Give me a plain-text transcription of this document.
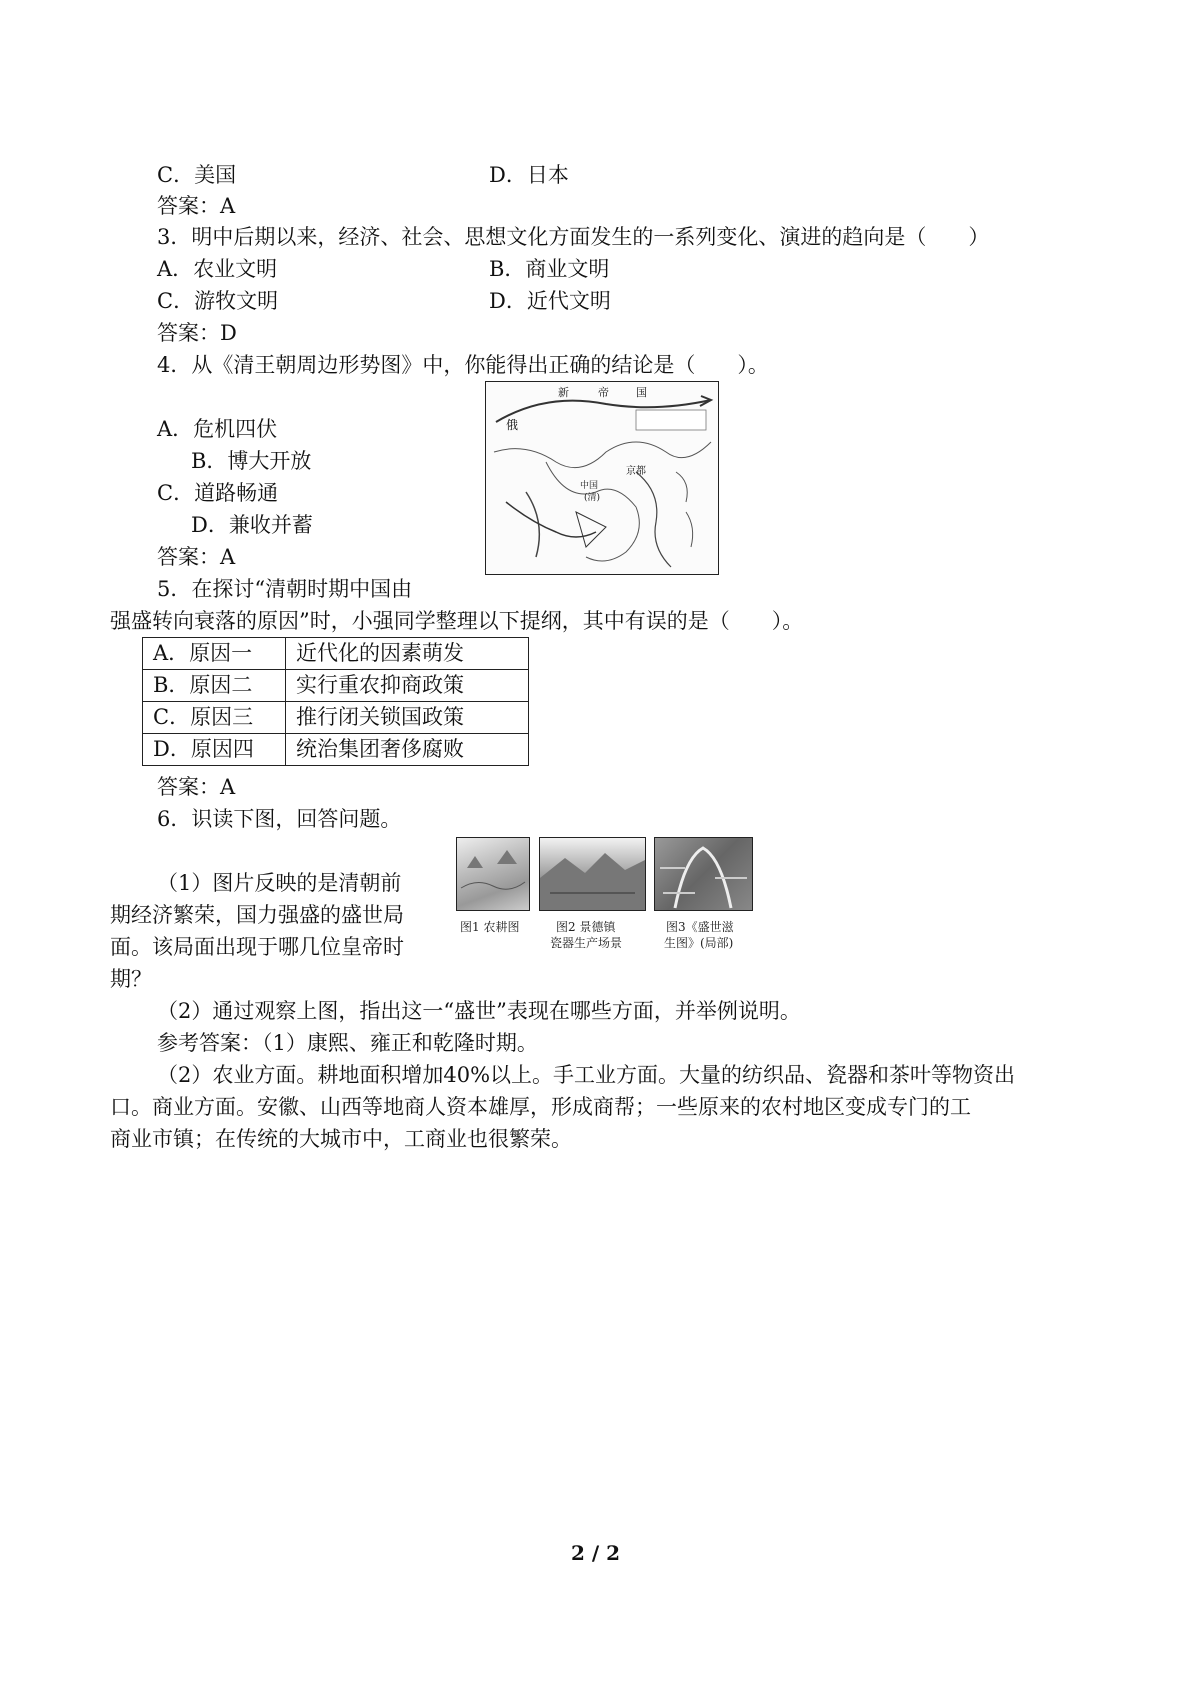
C．美国	D．日本
答案：A
3．明中后期以来，经济、社会、思想文化方面发生的一系列变化、演进的趋向是（　　）
A．农业文明	B．商业文明
C．游牧文明	D．近代文明
答案：D
4．从《清王朝周边形势图》中，你能得出正确的结论是（　　）。
A．危机四伏
B．博大开放
C．道路畅通
D．兼收并蓄
答案：A
新	帝 国
俄
中国
(清)
京都
5．在探讨“清朝时期中国由
强盛转向衰落的原因”时，小强同学整理以下提纲，其中有误的是（　　）。
A．原因一	近代化的因素萌发
B．原因二	实行重农抑商政策
C．原因三	推行闭关锁国政策
D．原因四	统治集团奢侈腐败
答案：A
6．识读下图，回答问题。
（1）图片反映的是清朝前
期经济繁荣，国力强盛的盛世局
面。该局面出现于哪几位皇帝时
期？
图1 农耕图	图2 景德镇
瓷器生产场景
图3《盛世滋
生图》(局部)
（2）通过观察上图，指出这一“盛世”表现在哪些方面，并举例说明。
参考答案：（1）康熙、雍正和乾隆时期。
（2）农业方面。耕地面积增加40%以上。手工业方面。大量的纺织品、瓷器和茶叶等物资出
口。商业方面。安徽、山西等地商人资本雄厚，形成商帮；一些原来的农村地区变成专门的工
商业市镇；在传统的大城市中，工商业也很繁荣。
2 / 2
